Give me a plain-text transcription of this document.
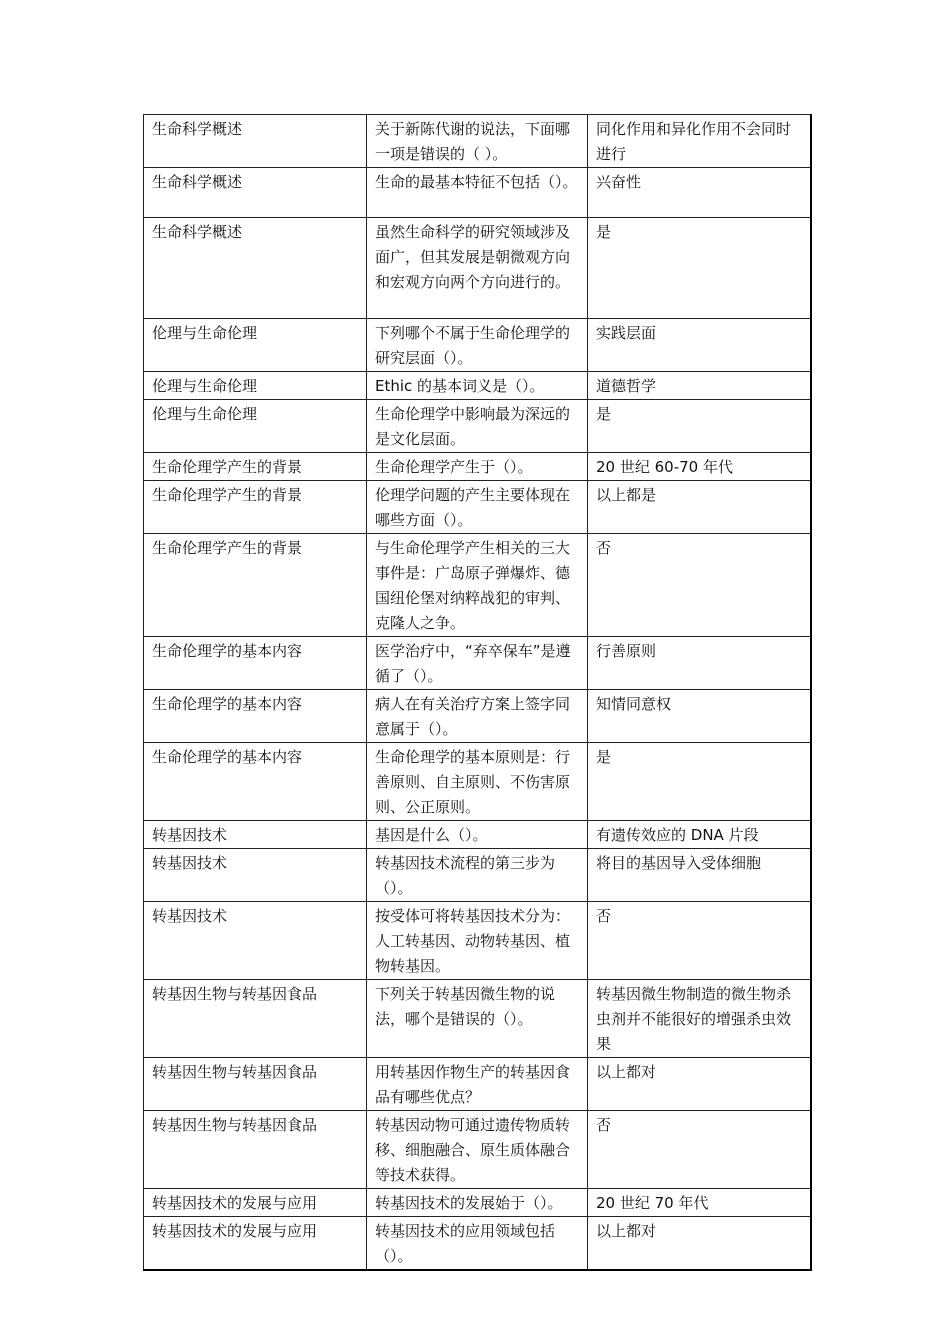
生命科学概述	关于新陈代谢的说法，下面哪一项是错误的（ ）。	同化作用和异化作用不会同时进行
生命科学概述	生命的最基本特征不包括（）。	兴奋性
生命科学概述	虽然生命科学的研究领域涉及面广，但其发展是朝微观方向和宏观方向两个方向进行的。	是
伦理与生命伦理	下列哪个不属于生命伦理学的研究层面（）。	实践层面
伦理与生命伦理	Ethic 的基本词义是（）。	道德哲学
伦理与生命伦理	生命伦理学中影响最为深远的是文化层面。	是
生命伦理学产生的背景	生命伦理学产生于（）。	20 世纪 60-70 年代
生命伦理学产生的背景	伦理学问题的产生主要体现在哪些方面（）。	以上都是
生命伦理学产生的背景	与生命伦理学产生相关的三大事件是：广岛原子弹爆炸、德国纽伦堡对纳粹战犯的审判、克隆人之争。	否
生命伦理学的基本内容	医学治疗中，“弃卒保车”是遵循了（）。	行善原则
生命伦理学的基本内容	病人在有关治疗方案上签字同意属于（）。	知情同意权
生命伦理学的基本内容	生命伦理学的基本原则是：行善原则、自主原则、不伤害原则、公正原则。	是
转基因技术	基因是什么（）。	有遗传效应的 DNA 片段
转基因技术	转基因技术流程的第三步为（）。	将目的基因导入受体细胞
转基因技术	按受体可将转基因技术分为：人工转基因、动物转基因、植物转基因。	否
转基因生物与转基因食品	下列关于转基因微生物的说法，哪个是错误的（）。	转基因微生物制造的微生物杀虫剂并不能很好的增强杀虫效果
转基因生物与转基因食品	用转基因作物生产的转基因食品有哪些优点？	以上都对
转基因生物与转基因食品	转基因动物可通过遗传物质转移、细胞融合、原生质体融合等技术获得。	否
转基因技术的发展与应用	转基因技术的发展始于（）。	20 世纪 70 年代
转基因技术的发展与应用	转基因技术的应用领域包括（）。	以上都对
